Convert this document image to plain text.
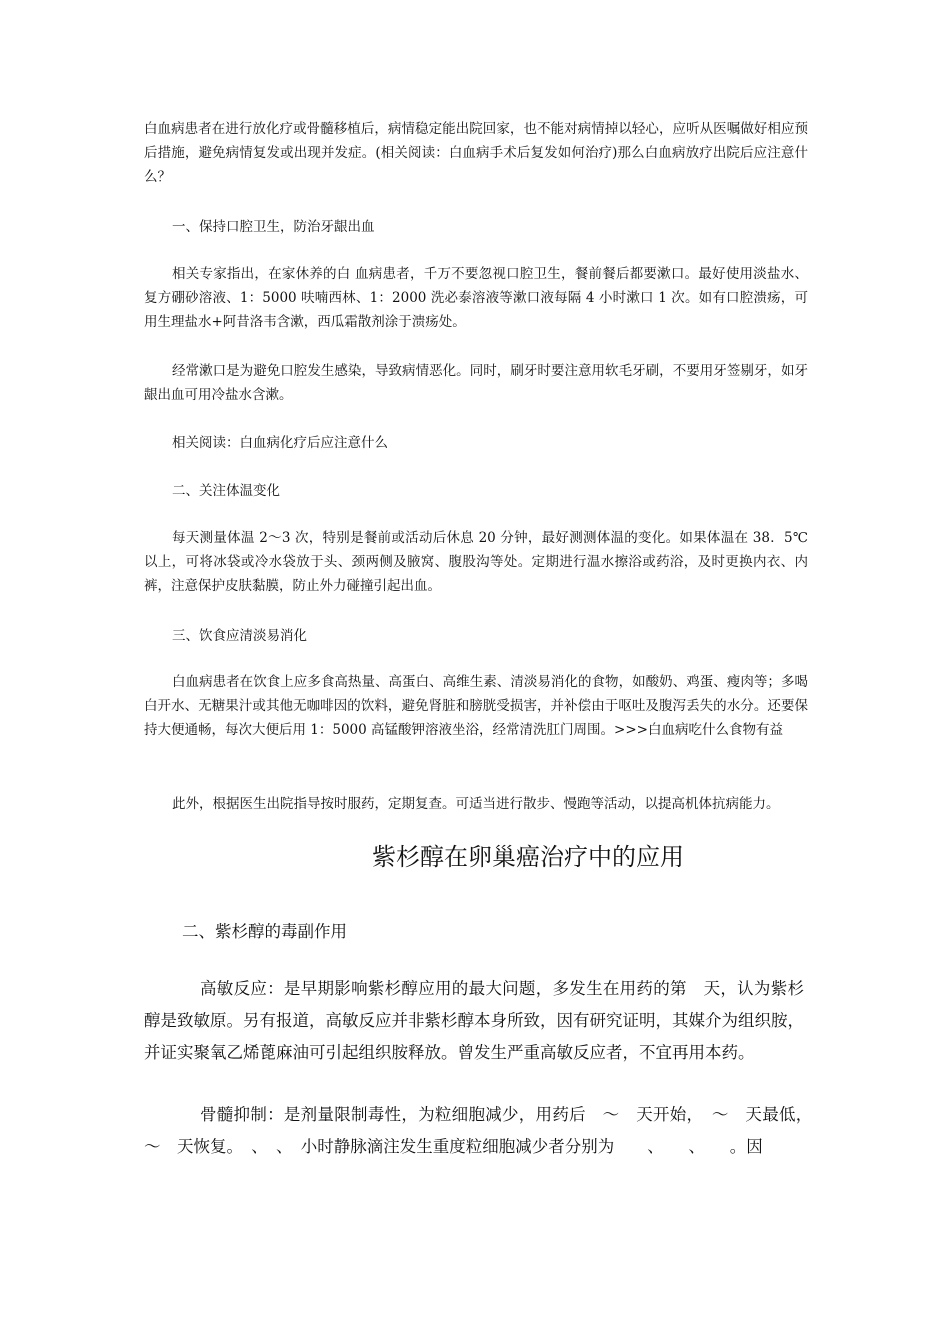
白血病患者在进行放化疗或骨髓移植后，病情稳定能出院回家，也不能对病情掉以轻心，应听从医嘱做好相应预后措施，避免病情复发或出现并发症。(相关阅读：白血病手术后复发如何治疗)那么白血病放疗出院后应注意什么？

一、保持口腔卫生，防治牙龈出血

相关专家指出，在家休养的白 血病患者，千万不要忽视口腔卫生，餐前餐后都要漱口。最好使用淡盐水、复方硼砂溶液、1：5000 呋喃西林、1：2000 洗必泰溶液等漱口液每隔 4 小时漱口 1 次。如有口腔溃疡，可用生理盐水+阿昔洛韦含漱，西瓜霜散剂涂于溃疡处。

经常漱口是为避免口腔发生感染，导致病情恶化。同时，刷牙时要注意用软毛牙刷，不要用牙签剔牙，如牙龈出血可用冷盐水含漱。

相关阅读：白血病化疗后应注意什么

二、关注体温变化

每天测量体温 2～3 次，特别是餐前或活动后休息 20 分钟，最好测测体温的变化。如果体温在 38．5℃以上，可将冰袋或冷水袋放于头、颈两侧及腋窝、腹股沟等处。定期进行温水擦浴或药浴，及时更换内衣、内裤，注意保护皮肤黏膜，防止外力碰撞引起出血。

三、饮食应清淡易消化

白血病患者在饮食上应多食高热量、高蛋白、高维生素、清淡易消化的食物，如酸奶、鸡蛋、瘦肉等；多喝白开水、无糖果汁或其他无咖啡因的饮料，避免肾脏和膀胱受损害，并补偿由于呕吐及腹泻丢失的水分。还要保持大便通畅，每次大便后用 1：5000 高锰酸钾溶液坐浴，经常清洗肛门周围。>>>白血病吃什么食物有益

此外，根据医生出院指导按时服药，定期复查。可适当进行散步、慢跑等活动，以提高机体抗病能力。

紫杉醇在卵巢癌治疗中的应用

二、紫杉醇的毒副作用

高敏反应：是早期影响紫杉醇应用的最大问题，多发生在用药的第　天，认为紫杉醇是致敏原。另有报道，高敏反应并非紫杉醇本身所致，因有研究证明，其媒介为组织胺，并证实聚氧乙烯蓖麻油可引起组织胺释放。曾发生严重高敏反应者，不宜再用本药。

骨髓抑制：是剂量限制毒性，为粒细胞减少，用药后　～　天开始，　～　天最低，　～　天恢复。　、　、　小时静脉滴注发生重度粒细胞减少者分别为　　、　　、　　。因
